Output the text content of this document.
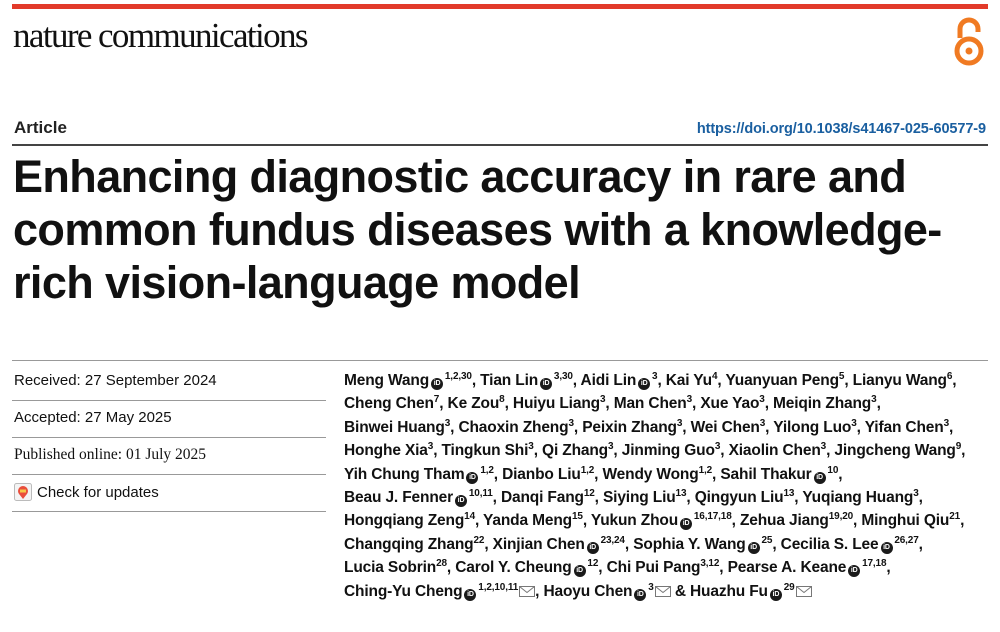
nature communications
Article	https://doi.org/10.1038/s41467-025-60577-9
Enhancing diagnostic accuracy in rare and common fundus diseases with a knowledge-rich vision-language model
Received: 27 September 2024
Accepted: 27 May 2025
Published online: 01 July 2025
Check for updates
Meng Wang iD $^{1,2,30}$, Tian Lin iD $^{3,30}$, Aidi Lin iD $^3$, Kai Yu$^4$, Yuanyuan Peng$^5$, Lianyu Wang$^6$, Cheng Chen$^7$, Ke Zou$^8$, Huiyu Liang$^3$, Man Chen$^3$, Xue Yao$^3$, Meiqin Zhang$^3$, Binwei Huang$^3$, Chaoxin Zheng$^3$, Peixin Zhang$^3$, Wei Chen$^3$, Yilong Luo$^3$, Yifan Chen$^3$, Honghe Xia$^3$, Tingkun Shi$^3$, Qi Zhang$^3$, Jinming Guo$^3$, Xiaolin Chen$^3$, Jingcheng Wang$^9$, Yih Chung Tham iD $^{1,2}$, Dianbo Liu$^{1,2}$, Wendy Wong$^{1,2}$, Sahil Thakur iD $^{10}$, Beau J. Fenner iD $^{10,11}$, Danqi Fang$^{12}$, Siying Liu$^{13}$, Qingyun Liu$^{13}$, Yuqiang Huang$^3$, Hongqiang Zeng$^{14}$, Yanda Meng$^{15}$, Yukun Zhou iD $^{16,17,18}$, Zehua Jiang$^{19,20}$, Minghui Qiu$^{21}$, Changqing Zhang$^{22}$, Xinjian Chen iD $^{23,24}$, Sophia Y. Wang iD $^{25}$, Cecilia S. Lee iD $^{26,27}$, Lucia Sobrin$^{28}$, Carol Y. Cheung iD $^{12}$, Chi Pui Pang$^{3,12}$, Pearse A. Keane iD $^{17,18}$, Ching-Yu Cheng iD $^{1,2,10,11}$ , Haoyu Chen iD $^3$ & Huazhu Fu iD $^{29}$
